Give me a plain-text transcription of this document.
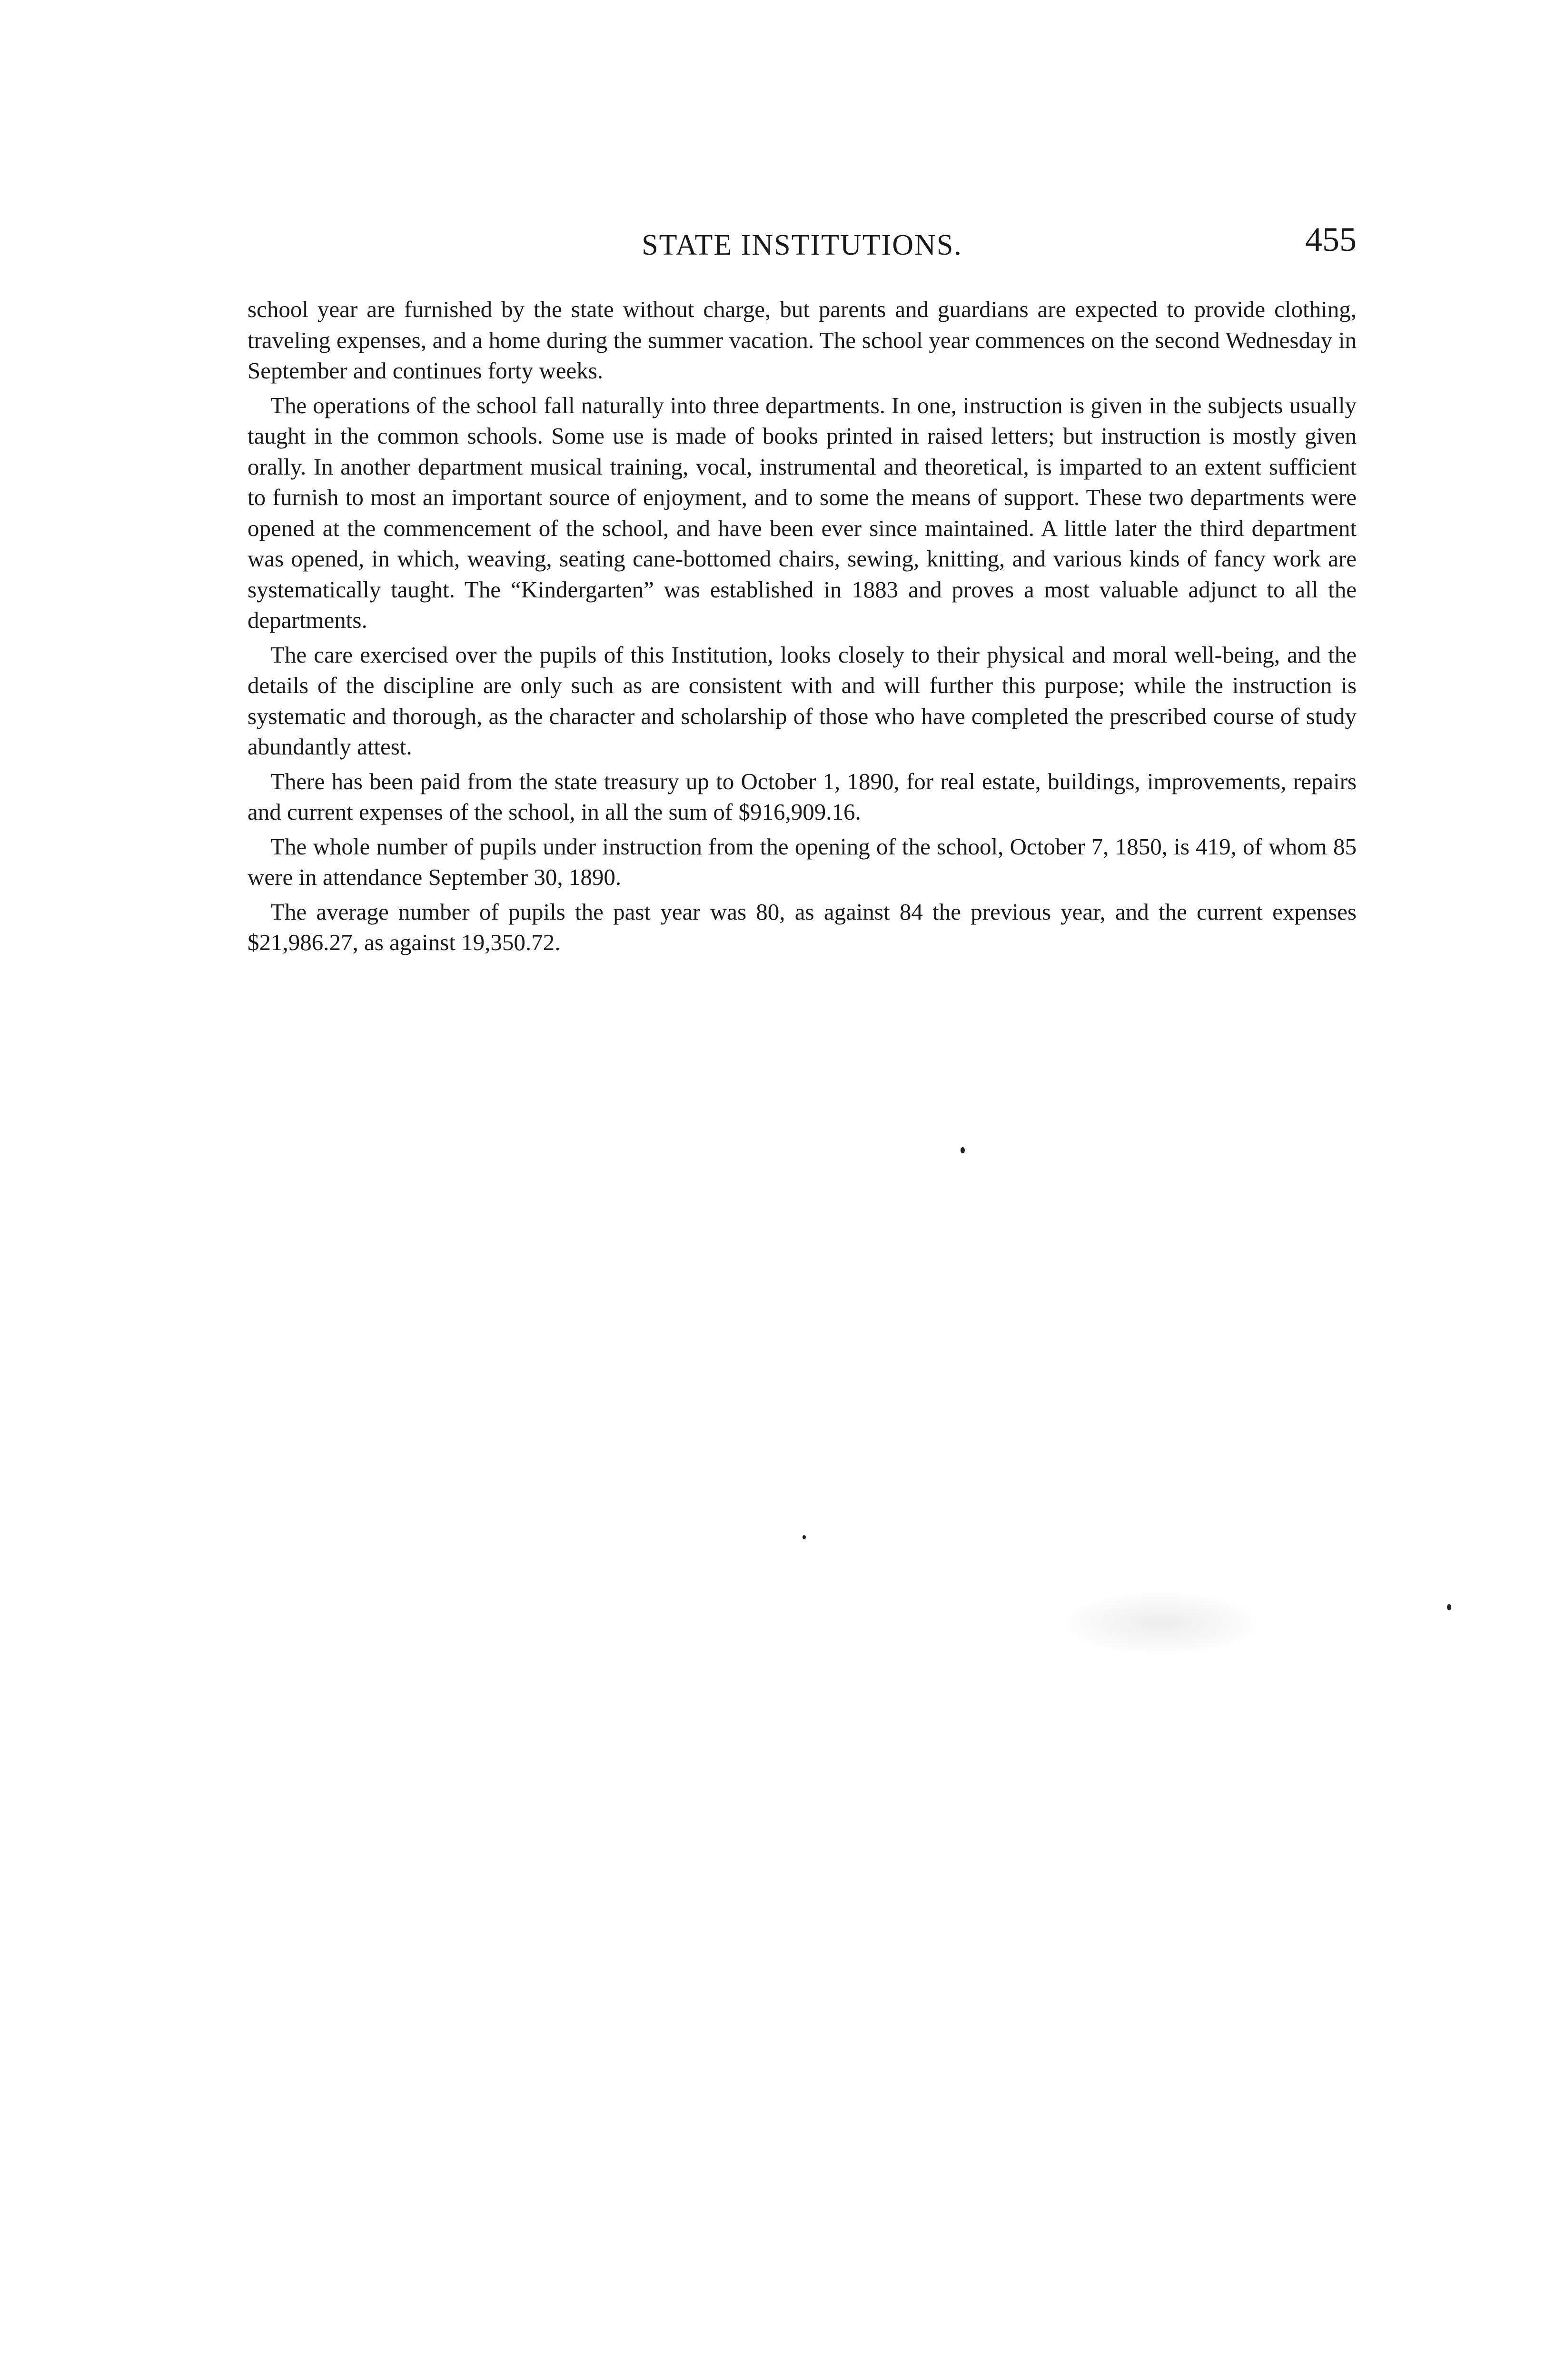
STATE INSTITUTIONS.	455

school year are furnished by the state without charge, but parents and guardians are expected to provide clothing, traveling expenses, and a home during the summer vacation. The school year commences on the second Wednesday in September and continues forty weeks.

The operations of the school fall naturally into three departments. In one, instruction is given in the subjects usually taught in the common schools. Some use is made of books printed in raised letters; but instruction is mostly given orally. In another department musical training, vocal, instrumental and theoretical, is imparted to an extent sufficient to furnish to most an important source of enjoyment, and to some the means of support. These two departments were opened at the commencement of the school, and have been ever since maintained. A little later the third department was opened, in which, weaving, seating cane-bottomed chairs, sewing, knitting, and various kinds of fancy work are systematically taught. The “Kindergarten” was established in 1883 and proves a most valuable adjunct to all the departments.

The care exercised over the pupils of this Institution, looks closely to their physical and moral well-being, and the details of the discipline are only such as are consistent with and will further this purpose; while the instruction is systematic and thorough, as the character and scholarship of those who have completed the prescribed course of study abundantly attest.

There has been paid from the state treasury up to October 1, 1890, for real estate, buildings, improvements, repairs and current expenses of the school, in all the sum of $916,909.16.

The whole number of pupils under instruction from the opening of the school, October 7, 1850, is 419, of whom 85 were in attendance September 30, 1890.

The average number of pupils the past year was 80, as against 84 the previous year, and the current expenses $21,986.27, as against 19,350.72.
